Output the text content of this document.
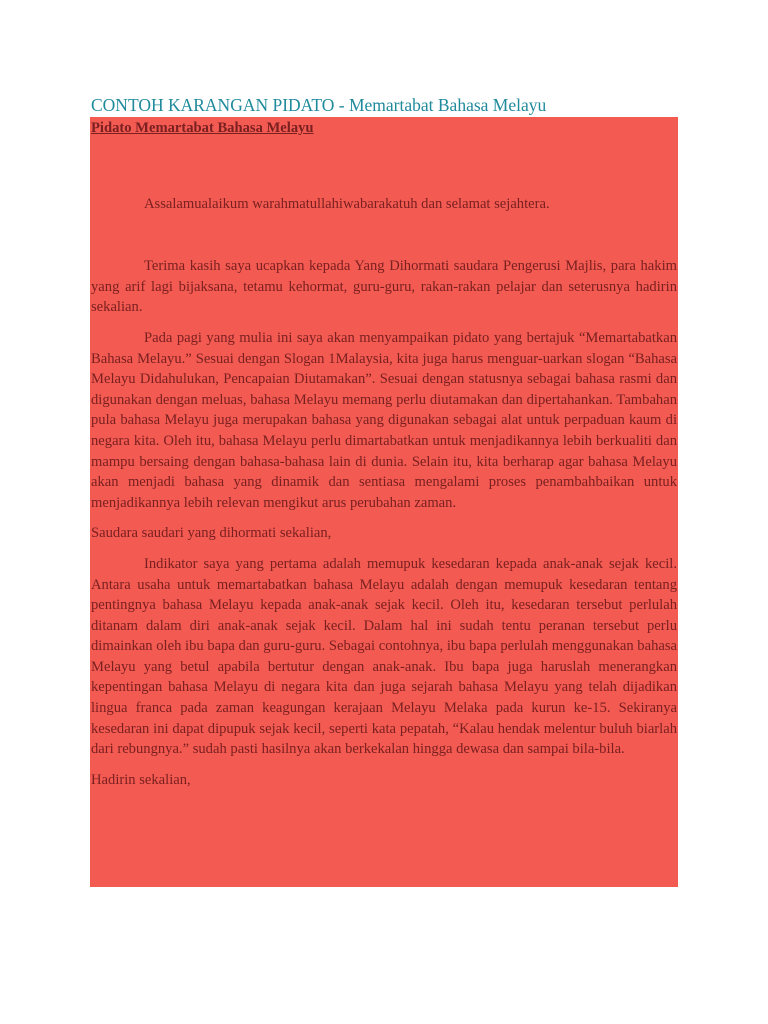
CONTOH KARANGAN PIDATO - Memartabat Bahasa Melayu

Pidato Memartabat Bahasa Melayu

Assalamualaikum warahmatullahiwabarakatuh dan selamat sejahtera.

Terima kasih saya ucapkan kepada Yang Dihormati saudara Pengerusi Majlis, para hakim yang arif lagi bijaksana, tetamu kehormat, guru-guru, rakan-rakan pelajar dan seterusnya hadirin sekalian.

Pada pagi yang mulia ini saya akan menyampaikan pidato yang bertajuk “Memartabatkan Bahasa Melayu.” Sesuai dengan Slogan 1Malaysia, kita juga harus menguar-uarkan slogan “Bahasa Melayu Didahulukan, Pencapaian Diutamakan”. Sesuai dengan statusnya sebagai bahasa rasmi dan digunakan dengan meluas, bahasa Melayu memang perlu diutamakan dan dipertahankan. Tambahan pula bahasa Melayu juga merupakan bahasa yang digunakan sebagai alat untuk perpaduan kaum di negara kita. Oleh itu, bahasa Melayu perlu dimartabatkan untuk menjadikannya lebih berkualiti dan mampu bersaing dengan bahasa-bahasa lain di dunia. Selain itu, kita berharap agar bahasa Melayu akan menjadi bahasa yang dinamik dan sentiasa mengalami proses penambahbaikan untuk menjadikannya lebih relevan mengikut arus perubahan zaman.

Saudara saudari yang dihormati sekalian,

Indikator saya yang pertama adalah memupuk kesedaran kepada anak-anak sejak kecil. Antara usaha untuk memartabatkan bahasa Melayu adalah dengan memupuk kesedaran tentang pentingnya bahasa Melayu kepada anak-anak sejak kecil. Oleh itu, kesedaran tersebut perlulah ditanam dalam diri anak-anak sejak kecil. Dalam hal ini sudah tentu peranan tersebut perlu dimainkan oleh ibu bapa dan guru-guru. Sebagai contohnya, ibu bapa perlulah menggunakan bahasa Melayu yang betul apabila bertutur dengan anak-anak. Ibu bapa juga haruslah menerangkan kepentingan bahasa Melayu di negara kita dan juga sejarah bahasa Melayu yang telah dijadikan lingua franca pada zaman keagungan kerajaan Melayu Melaka pada kurun ke-15. Sekiranya kesedaran ini dapat dipupuk sejak kecil, seperti kata pepatah, “Kalau hendak melentur buluh biarlah dari rebungnya.” sudah pasti hasilnya akan berkekalan hingga dewasa dan sampai bila-bila.

Hadirin sekalian,
